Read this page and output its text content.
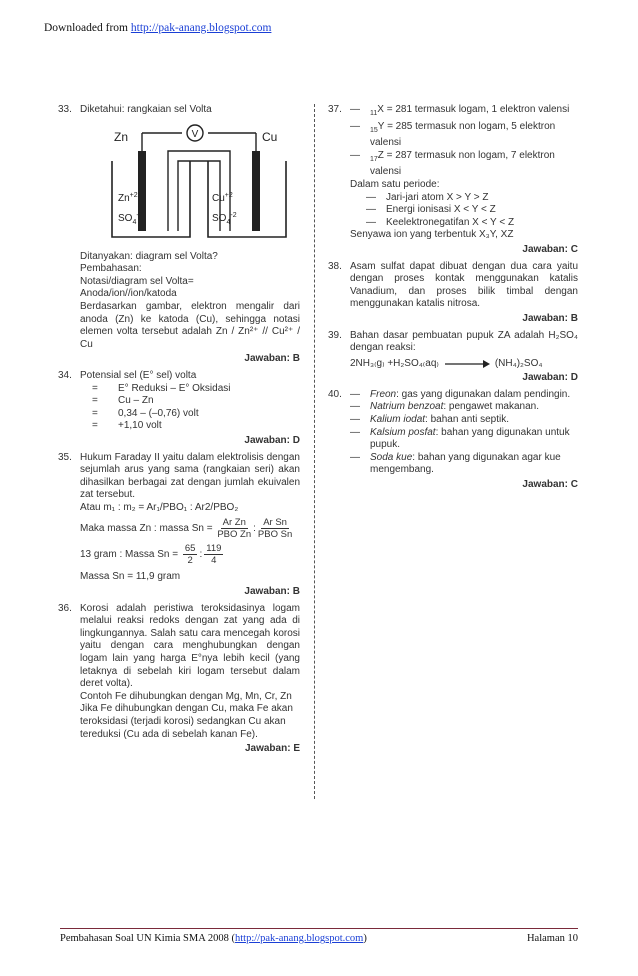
Downloaded from http://pak-anang.blogspot.com
33. Diketahui: rangkaian sel Volta
V
Zn	Cu
$Zn^{+2}$
$SO_4^{-2}$
$Cu^{+2}$
$SO_4^{-2}$
Ditanyakan: diagram sel Volta?
Pembahasan:
Notasi/diagram sel Volta=
Anoda/ion//ion/katoda
Berdasarkan gambar, elektron mengalir dari anoda (Zn) ke katoda (Cu), sehingga notasi elemen volta tersebut adalah Zn / Zn²⁺ // Cu²⁺ / Cu
Jawaban: B
34. Potensial sel (E° sel) volta
=	E° Reduksi – E° Oksidasi
=	Cu – Zn
=	0,34 – (–0,76) volt
=	+1,10 volt
Jawaban: D
35. Hukum Faraday II yaitu dalam elektrolisis dengan sejumlah arus yang sama (rangkaian seri) akan dihasilkan berbagai zat dengan jumlah ekuivalen zat tersebut.
Atau m₁ : m₂ = Ar₁/PBO₁ : Ar2/PBO₂
Maka massa Zn : massa $Sn = \frac{\text{Ar Zn}}{\text{PBO Zn}}$ : $\frac{\text{Ar Sn}}{\text{PBO Sn}}$
13 gram : Massa $Sn = \frac{65}{2}$ : $\frac{119}{4}$
Massa Sn = 11,9 gram
Jawaban: B
36. Korosi adalah peristiwa teroksidasinya logam melalui reaksi redoks dengan zat yang ada di lingkungannya. Salah satu cara mencegah korosi yaitu dengan cara menghubungkan dengan logam lain yang harga E°nya lebih kecil (yang letaknya di sebelah kiri logam tersebut dalam deret volta).
Contoh Fe dihubungkan dengan Mg, Mn, Cr, Zn
Jika Fe dihubungkan dengan Cu, maka Fe akan teroksidasi (terjadi korosi) sedangkan Cu akan tereduksi (Cu ada di sebelah kanan Fe).
Jawaban: E
37. —	$_{11}$X = 281 termasuk logam, 1 elektron valensi
—	$_{15}$Y = 285 termasuk non logam, 5 elektron valensi
—	$_{17}$Z = 287 termasuk non logam, 7 elektron valensi
Dalam satu periode:
—	Jari-jari atom X > Y > Z
—	Energi ionisasi X < Y < Z
—	Keelektronegatifan X < Y < Z
Senyawa ion yang terbentuk X₃Y, XZ
Jawaban: C
38. Asam sulfat dapat dibuat dengan dua cara yaitu dengan proses kontak menggunakan katalis Vanadium, dan proses bilik timbal dengan menggunakan katalis nitrosa.
Jawaban: B
39. Bahan dasar pembuatan pupuk ZA adalah H₂SO₄ dengan reaksi:
2NH₃₍g₎ +H₂SO₄₍aq₎	(NH₄)₂SO₄
Jawaban: D
40. —	Freon: gas yang digunakan dalam pendingin.
—	Natrium benzoat: pengawet makanan.
—	Kalium iodat: bahan anti septik.
—	Kalsium posfat: bahan yang digunakan untuk pupuk.
—	Soda kue: bahan yang digunakan agar kue mengembang.
Jawaban: C
Pembahasan Soal UN Kimia SMA 2008 (http://pak-anang.blogspot.com)	Halaman 10
